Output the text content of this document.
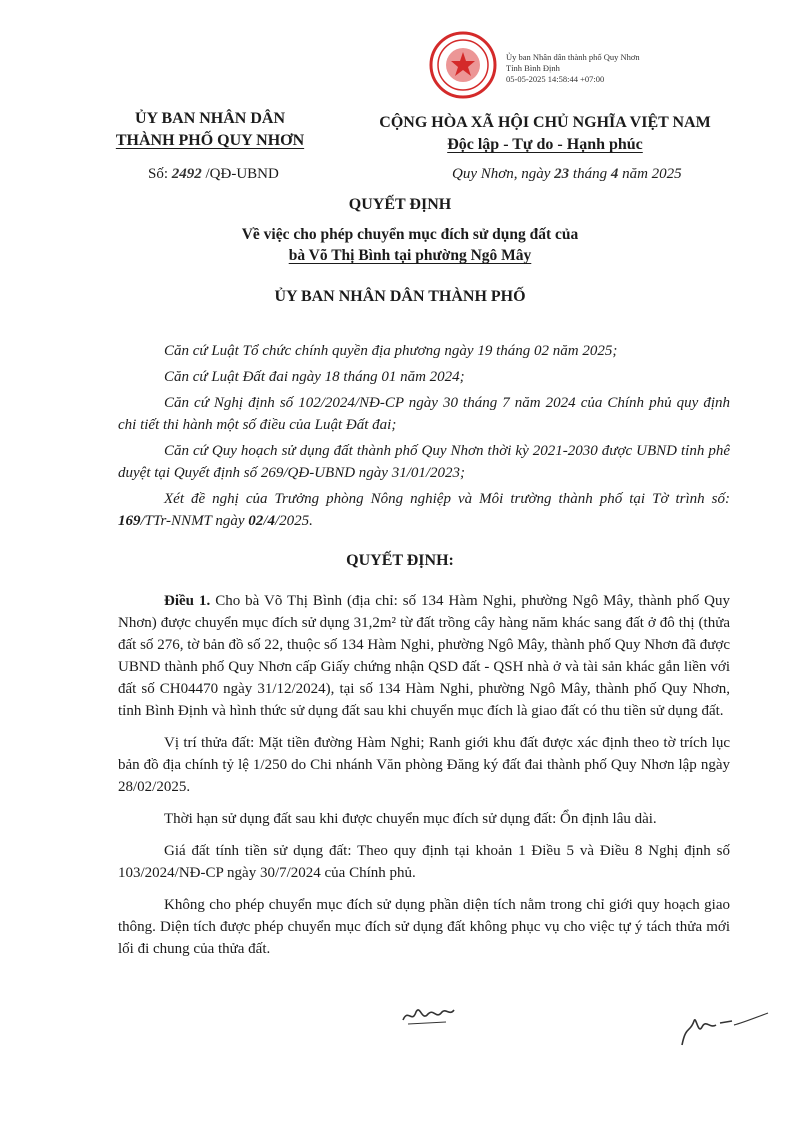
Ủy ban Nhân dân thành phố Quy Nhơn
Tỉnh Bình Định
05-05-2025 14:58:44 +07:00
ỦY BAN NHÂN DÂN
THÀNH PHỐ QUY NHƠN
CỘNG HÒA XÃ HỘI CHỦ NGHĨA VIỆT NAM
Độc lập - Tự do - Hạnh phúc
Số: 2492 /QĐ-UBND	Quy Nhơn, ngày 23 tháng 4 năm 2025
QUYẾT ĐỊNH
Về việc cho phép chuyển mục đích sử dụng đất của
bà Võ Thị Bình tại phường Ngô Mây
ỦY BAN NHÂN DÂN THÀNH PHỐ

Căn cứ Luật Tổ chức chính quyền địa phương ngày 19 tháng 02 năm 2025;

Căn cứ Luật Đất đai ngày 18 tháng 01 năm 2024;

Căn cứ Nghị định số 102/2024/NĐ-CP ngày 30 tháng 7 năm 2024 của Chính phủ quy định chi tiết thi hành một số điều của Luật Đất đai;

Căn cứ Quy hoạch sử dụng đất thành phố Quy Nhơn thời kỳ 2021-2030 được UBND tỉnh phê duyệt tại Quyết định số 269/QĐ-UBND ngày 31/01/2023;

Xét đề nghị của Trưởng phòng Nông nghiệp và Môi trường thành phố tại Tờ trình số: 169/TTr-NNMT ngày 02/4/2025.

QUYẾT ĐỊNH:

Điều 1. Cho bà Võ Thị Bình (địa chỉ: số 134 Hàm Nghi, phường Ngô Mây, thành phố Quy Nhơn) được chuyển mục đích sử dụng 31,2m² từ đất trồng cây hàng năm khác sang đất ở đô thị (thửa đất số 276, tờ bản đồ số 22, thuộc số 134 Hàm Nghi, phường Ngô Mây, thành phố Quy Nhơn đã được UBND thành phố Quy Nhơn cấp Giấy chứng nhận QSD đất - QSH nhà ở và tài sản khác gắn liền với đất số CH04470 ngày 31/12/2024), tại số 134 Hàm Nghi, phường Ngô Mây, thành phố Quy Nhơn, tỉnh Bình Định và hình thức sử dụng đất sau khi chuyển mục đích là giao đất có thu tiền sử dụng đất.

Vị trí thửa đất: Mặt tiền đường Hàm Nghi; Ranh giới khu đất được xác định theo tờ trích lục bản đồ địa chính tỷ lệ 1/250 do Chi nhánh Văn phòng Đăng ký đất đai thành phố Quy Nhơn lập ngày 28/02/2025.

Thời hạn sử dụng đất sau khi được chuyển mục đích sử dụng đất: Ổn định lâu dài.

Giá đất tính tiền sử dụng đất: Theo quy định tại khoản 1 Điều 5 và Điều 8 Nghị định số 103/2024/NĐ-CP ngày 30/7/2024 của Chính phủ.

Không cho phép chuyển mục đích sử dụng phần diện tích nằm trong chỉ giới quy hoạch giao thông. Diện tích được phép chuyển mục đích sử dụng đất không phục vụ cho việc tự ý tách thửa mới lối đi chung của thửa đất.
